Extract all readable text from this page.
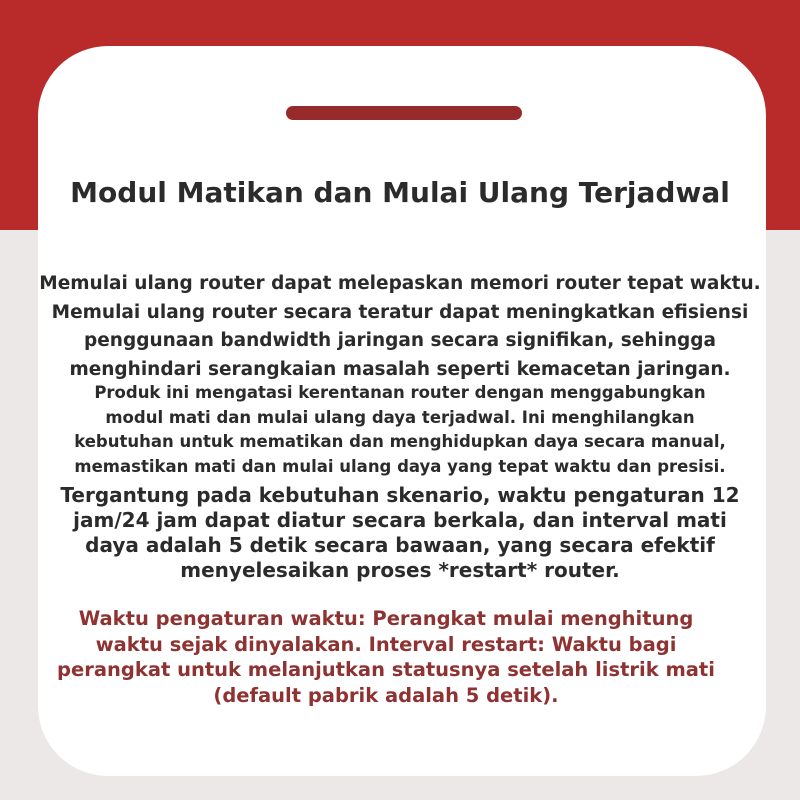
Modul Matikan dan Mulai Ulang Terjadwal

Memulai ulang router dapat melepaskan memori router tepat waktu.
Memulai ulang router secara teratur dapat meningkatkan efisiensi
penggunaan bandwidth jaringan secara signifikan, sehingga
menghindari serangkaian masalah seperti kemacetan jaringan.

Produk ini mengatasi kerentanan router dengan menggabungkan
modul mati dan mulai ulang daya terjadwal. Ini menghilangkan
kebutuhan untuk mematikan dan menghidupkan daya secara manual,
memastikan mati dan mulai ulang daya yang tepat waktu dan presisi.

Tergantung pada kebutuhan skenario, waktu pengaturan 12
jam/24 jam dapat diatur secara berkala, dan interval mati
daya adalah 5 detik secara bawaan, yang secara efektif
menyelesaikan proses *restart* router.

Waktu pengaturan waktu: Perangkat mulai menghitung
waktu sejak dinyalakan. Interval restart: Waktu bagi
perangkat untuk melanjutkan statusnya setelah listrik mati
(default pabrik adalah 5 detik).
